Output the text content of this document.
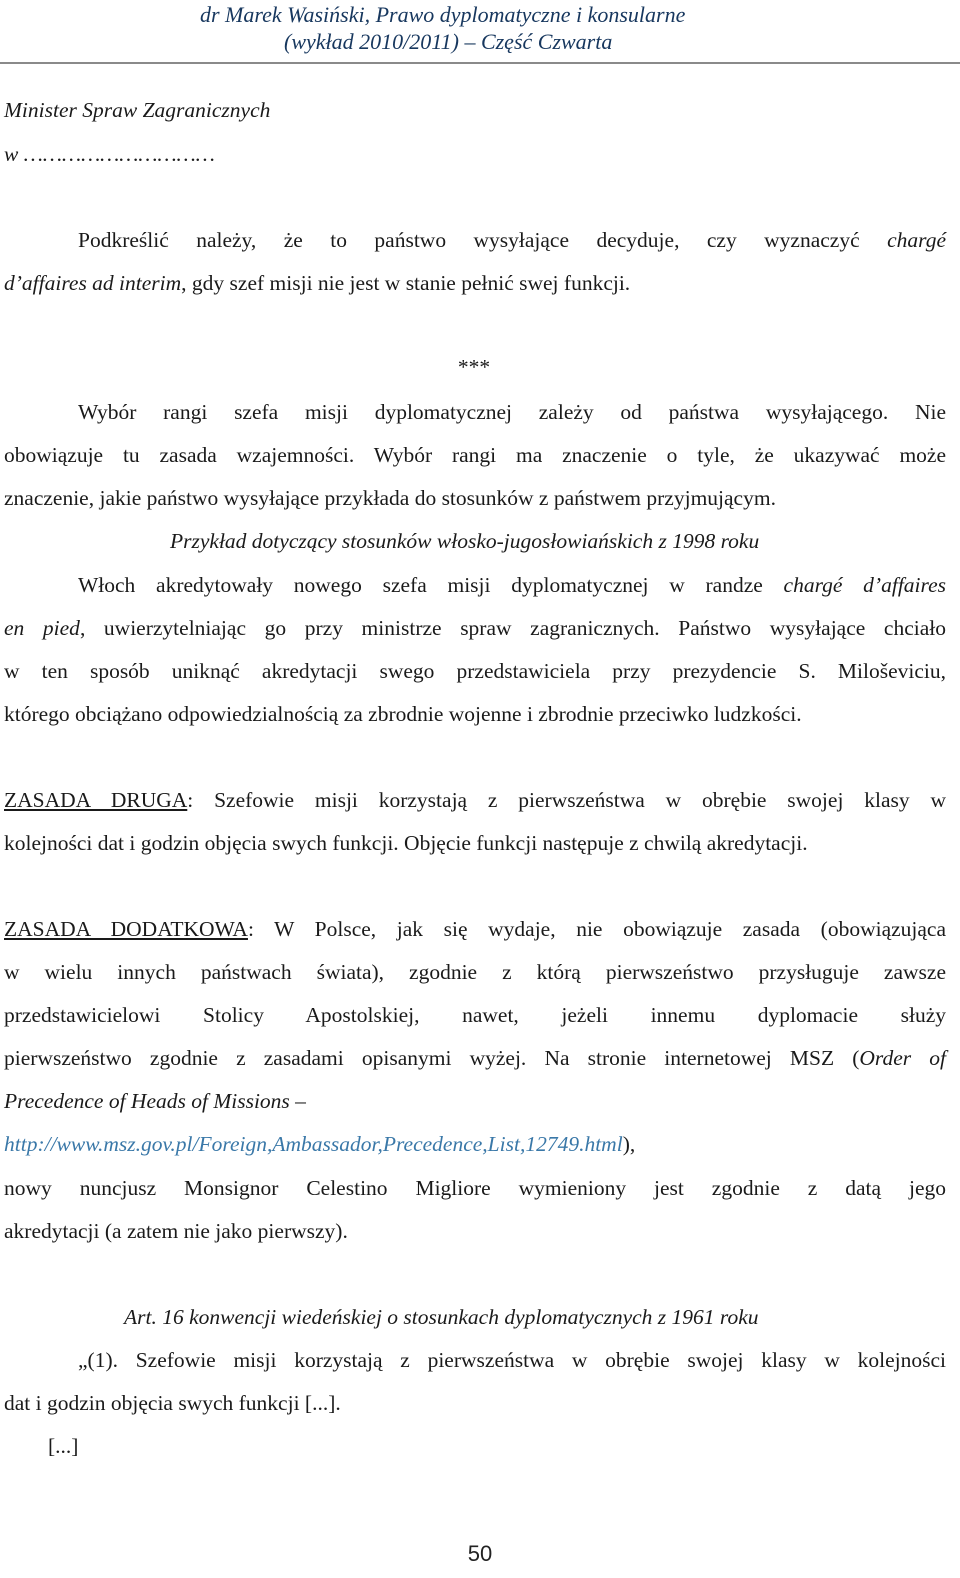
dr Marek Wasiński, Prawo dyplomatyczne i konsularne
(wykład 2010/2011) – Część Czwarta
Minister Spraw Zagranicznych
w …………………………
Podkreślić należy, że to państwo wysyłające decyduje, czy wyznaczyć chargé
d’affaires ad interim, gdy szef misji nie jest w stanie pełnić swej funkcji.
***
Wybór rangi szefa misji dyplomatycznej zależy od państwa wysyłającego. Nie
obowiązuje tu zasada wzajemności. Wybór rangi ma znaczenie o tyle, że ukazywać może
znaczenie, jakie państwo wysyłające przykłada do stosunków z państwem przyjmującym.
Przykład dotyczący stosunków włosko-jugosłowiańskich z 1998 roku
Włoch akredytowały nowego szefa misji dyplomatycznej w randze chargé d’affaires
en pied, uwierzytelniając go przy ministrze spraw zagranicznych. Państwo wysyłające chciało
w ten sposób uniknąć akredytacji swego przedstawiciela przy prezydencie S. Miloševiciu,
którego obciążano odpowiedzialnością za zbrodnie wojenne i zbrodnie przeciwko ludzkości.
ZASADA DRUGA: Szefowie misji korzystają z pierwszeństwa w obrębie swojej klasy w
kolejności dat i godzin objęcia swych funkcji. Objęcie funkcji następuje z chwilą akredytacji.
ZASADA DODATKOWA: W Polsce, jak się wydaje, nie obowiązuje zasada (obowiązująca
w wielu innych państwach świata), zgodnie z którą pierwszeństwo przysługuje zawsze
przedstawicielowi Stolicy Apostolskiej, nawet, jeżeli innemu dyplomacie służy
pierwszeństwo zgodnie z zasadami opisanymi wyżej. Na stronie internetowej MSZ (Order of
Precedence of Heads of Missions –
http://www.msz.gov.pl/Foreign,Ambassador,Precedence,List,12749.html),
nowy nuncjusz Monsignor Celestino Migliore wymieniony jest zgodnie z datą jego
akredytacji (a zatem nie jako pierwszy).
Art. 16 konwencji wiedeńskiej o stosunkach dyplomatycznych z 1961 roku
„(1). Szefowie misji korzystają z pierwszeństwa w obrębie swojej klasy w kolejności
dat i godzin objęcia swych funkcji [...].
[...]
50
